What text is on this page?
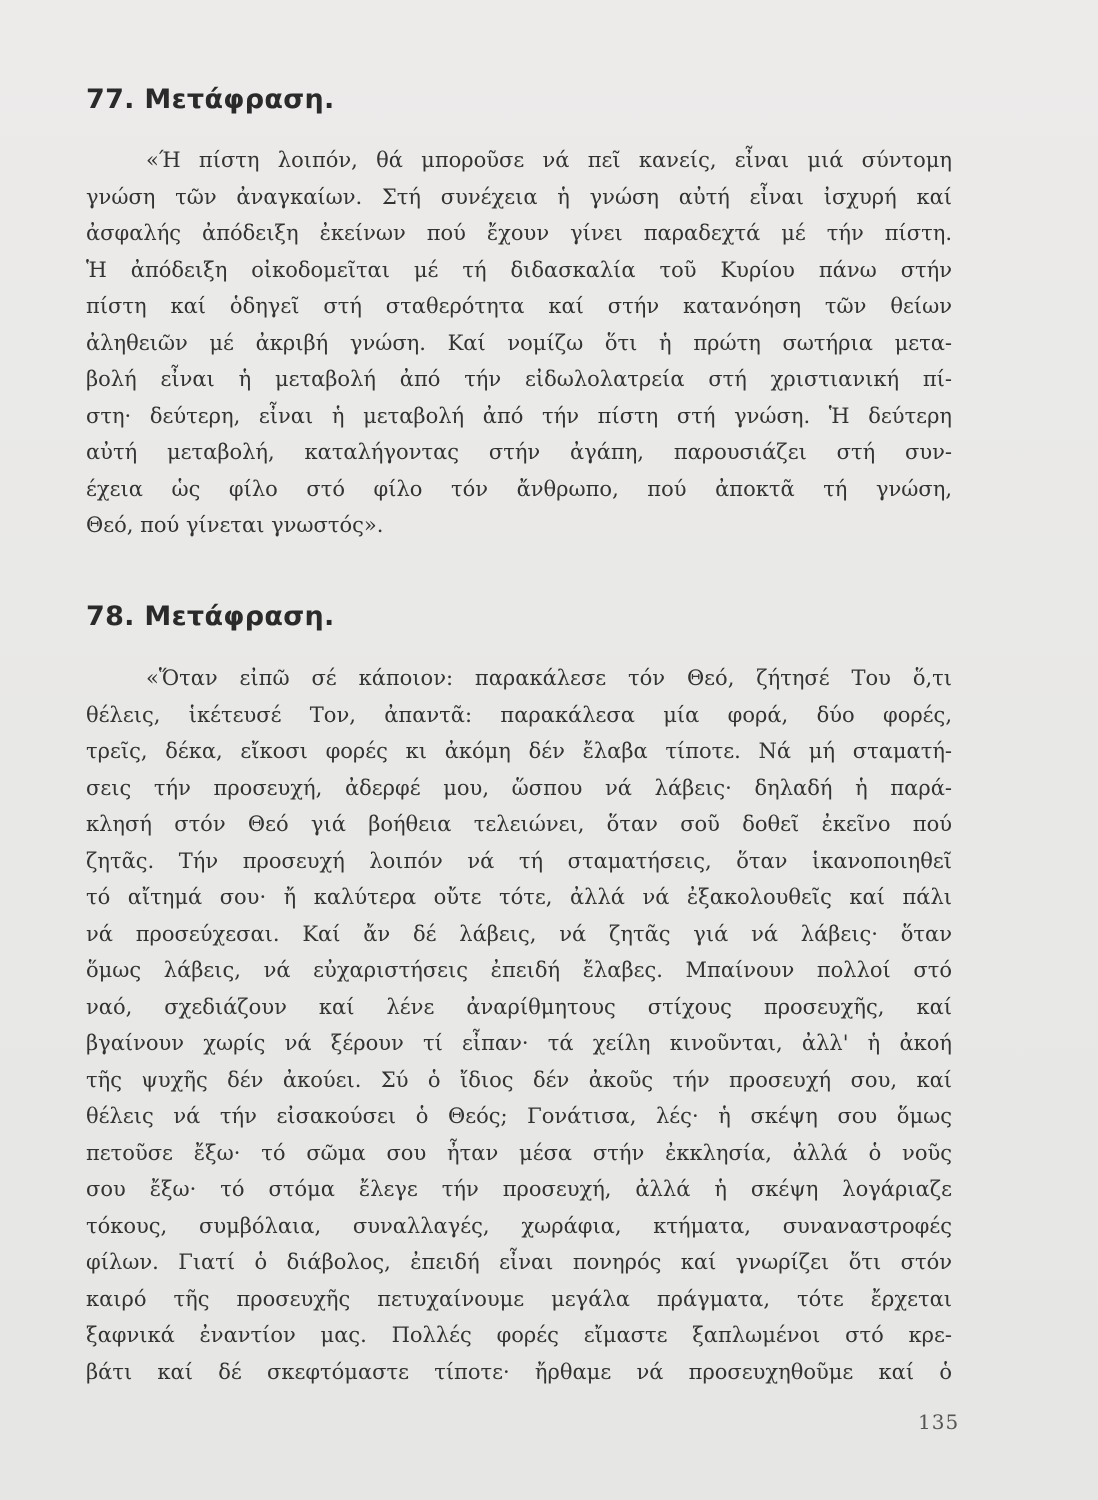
77. Μετάφραση.
«Ή πίστη λοιπόν, θά μποροῦσε νά πεῖ κανείς, εἶναι μιά σύντομη
γνώση τῶν ἀναγκαίων. Στή συνέχεια ἡ γνώση αὐτή εἶναι ἰσχυρή καί
ἀσφαλής ἀπόδειξη ἐκείνων πού ἔχουν γίνει παραδεχτά μέ τήν πίστη.
Ἡ ἀπόδειξη οἰκοδομεῖται μέ τή διδασκαλία τοῦ Κυρίου πάνω στήν
πίστη καί ὁδηγεῖ στή σταθερότητα καί στήν κατανόηση τῶν θείων
ἀληθειῶν μέ ἀκριβή γνώση. Καί νομίζω ὅτι ἡ πρώτη σωτήρια μετα-
βολή εἶναι ἡ μεταβολή ἀπό τήν εἰδωλολατρεία στή χριστιανική πί-
στη· δεύτερη, εἶναι ἡ μεταβολή ἀπό τήν πίστη στή γνώση. Ἡ δεύτερη
αὐτή μεταβολή, καταλήγοντας στήν ἀγάπη, παρουσιάζει στή συν-
έχεια ὡς φίλο στό φίλο τόν ἄνθρωπο, πού ἀποκτᾶ τή γνώση,
Θεό, πού γίνεται γνωστός».
78. Μετάφραση.
«Ὅταν εἰπῶ σέ κάποιον: παρακάλεσε τόν Θεό, ζήτησέ Του ὅ,τι
θέλεις, ἱκέτευσέ Τον, ἀπαντᾶ: παρακάλεσα μία φορά, δύο φορές,
τρεῖς, δέκα, εἴκοσι φορές κι ἀκόμη δέν ἔλαβα τίποτε. Νά μή σταματή-
σεις τήν προσευχή, ἀδερφέ μου, ὥσπου νά λάβεις· δηλαδή ἡ παρά-
κλησή στόν Θεό γιά βοήθεια τελειώνει, ὅταν σοῦ δοθεῖ ἐκεῖνο πού
ζητᾶς. Τήν προσευχή λοιπόν νά τή σταματήσεις, ὅταν ἱκανοποιηθεῖ
τό αἴτημά σου· ἤ καλύτερα οὔτε τότε, ἀλλά νά ἐξακολουθεῖς καί πάλι
νά προσεύχεσαι. Καί ἄν δέ λάβεις, νά ζητᾶς γιά νά λάβεις· ὅταν
ὅμως λάβεις, νά εὐχαριστήσεις ἐπειδή ἔλαβες. Μπαίνουν πολλοί στό
ναό, σχεδιάζουν καί λένε ἀναρίθμητους στίχους προσευχῆς, καί
βγαίνουν χωρίς νά ξέρουν τί εἶπαν· τά χείλη κινοῦνται, ἀλλ' ἡ ἀκοή
τῆς ψυχῆς δέν ἀκούει. Σύ ὁ ἴδιος δέν ἀκοῦς τήν προσευχή σου, καί
θέλεις νά τήν εἰσακούσει ὁ Θεός; Γονάτισα, λές· ἡ σκέψη σου ὅμως
πετοῦσε ἔξω· τό σῶμα σου ἦταν μέσα στήν ἐκκλησία, ἀλλά ὁ νοῦς
σου ἔξω· τό στόμα ἔλεγε τήν προσευχή, ἀλλά ἡ σκέψη λογάριαζε
τόκους, συμβόλαια, συναλλαγές, χωράφια, κτήματα, συναναστροφές
φίλων. Γιατί ὁ διάβολος, ἐπειδή εἶναι πονηρός καί γνωρίζει ὅτι στόν
καιρό τῆς προσευχῆς πετυχαίνουμε μεγάλα πράγματα, τότε ἔρχεται
ξαφνικά ἐναντίον μας. Πολλές φορές εἴμαστε ξαπλωμένοι στό κρε-
βάτι καί δέ σκεφτόμαστε τίποτε· ἤρθαμε νά προσευχηθοῦμε καί ὁ
135
